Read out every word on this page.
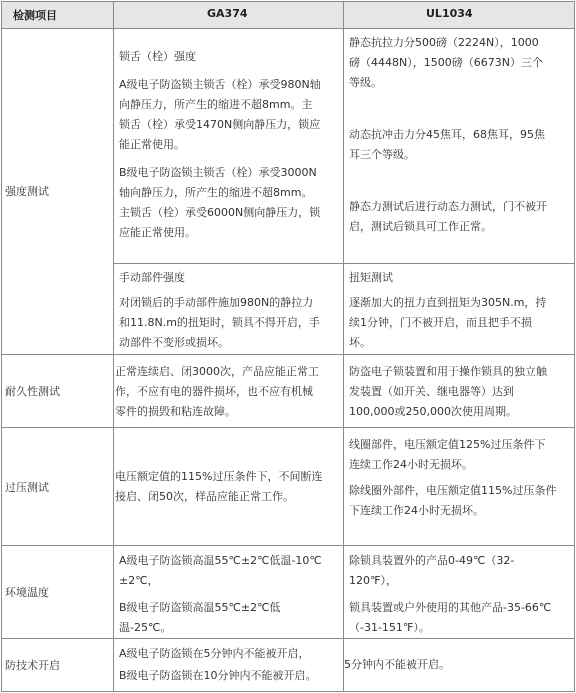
检测项目	GA374	UL1034
强度测试
耐久性测试
过压测试
环境温度
防技术开启
锁舌（栓）强度
A级电子防盗锁主锁舌（栓）承受980N轴
向静压力，所产生的缩进不超8mm。主
锁舌（栓）承受1470N侧向静压力，锁应
能正常使用。
B级电子防盗锁主锁舌（栓）承受3000N
轴向静压力，所产生的缩进不超8mm。
主锁舌（栓）承受6000N侧向静压力，锁
应能正常使用。
静态抗拉力分500磅（2224N），1000
磅（4448N），1500磅（6673N）三个
等级。
动态抗冲击力分45焦耳，68焦耳，95焦
耳三个等级。
静态力测试后进行动态力测试，门不被开
启，测试后锁具可工作正常。
手动部件强度
对闭锁后的手动部件施加980N的静拉力
和11.8N.m的扭矩时，锁具不得开启，手
动部件不变形或损坏。
扭矩测试
逐渐加大的扭力直到扭矩为305N.m，持
续1分钟，门不被开启，而且把手不损
坏。
正常连续启、闭3000次，产品应能正常工
作，不应有电的器件损坏，也不应有机械
零件的损毁和粘连故障。
防盗电子锁装置和用于操作锁具的独立触
发装置（如开关、继电器等）达到
100,000或250,000次使用周期。
电压额定值的115%过压条件下，不间断连
接启、闭50次，样品应能正常工作。
线圈部件，电压额定值125%过压条件下
连续工作24小时无损坏。
除线圈外部件，电压额定值115%过压条件
下连续工作24小时无损坏。
A级电子防盗锁高温55℃±2℃低温-10℃
±2℃，
B级电子防盗锁高温55℃±2℃低
温-25℃。
除锁具装置外的产品0-49℃（32-
120℉），
锁具装置或户外使用的其他产品-35-66℃
（-31-151℉）。
A级电子防盗锁在5分钟内不能被开启，
B级电子防盗锁在10分钟内不能被开启。
5分钟内不能被开启。
